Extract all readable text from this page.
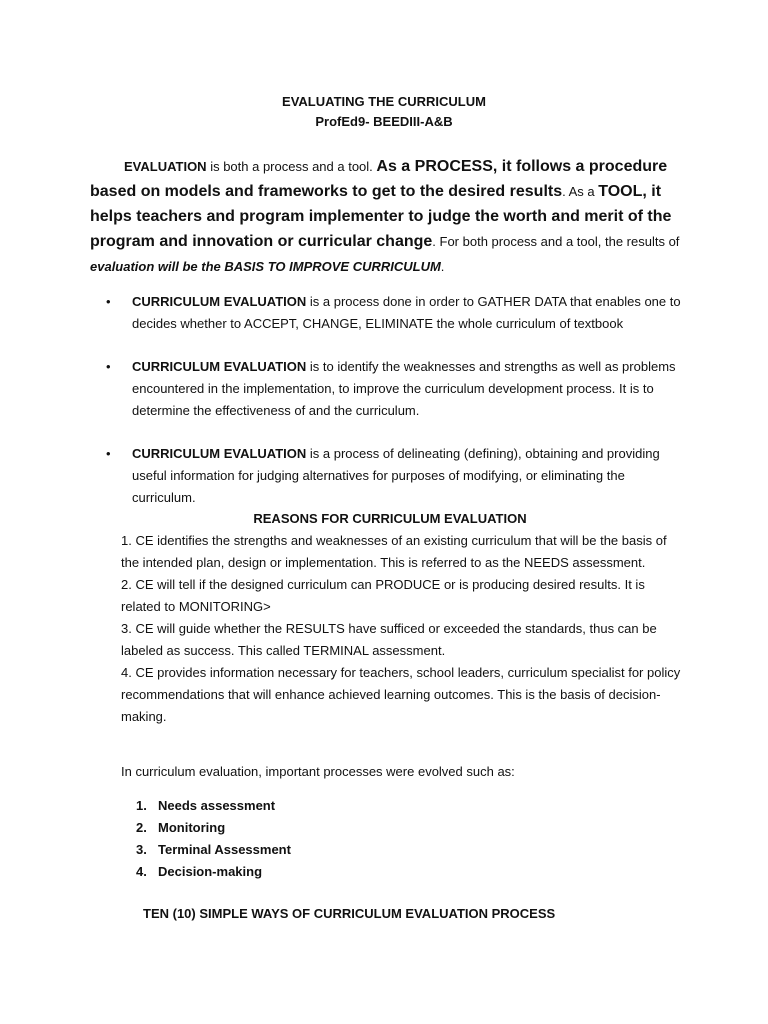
EVALUATING THE CURRICULUM
ProfEd9- BEEDIII-A&B
EVALUATION is both a process and a tool. As a PROCESS, it follows a procedure based on models and frameworks to get to the desired results. As a TOOL, it helps teachers and program implementer to judge the worth and merit of the program and innovation or curricular change. For both process and a tool, the results of evaluation will be the BASIS TO IMPROVE CURRICULUM.
• CURRICULUM EVALUATION is a process done in order to GATHER DATA that enables one to decides whether to ACCEPT, CHANGE, ELIMINATE the whole curriculum of textbook
• CURRICULUM EVALUATION is to identify the weaknesses and strengths as well as problems encountered in the implementation, to improve the curriculum development process. It is to determine the effectiveness of and the curriculum.
• CURRICULUM EVALUATION is a process of delineating (defining), obtaining and providing useful information for judging alternatives for purposes of modifying, or eliminating the curriculum.
REASONS FOR CURRICULUM EVALUATION

1. CE identifies the strengths and weaknesses of an existing curriculum that will be the basis of the intended plan, design or implementation. This is referred to as the NEEDS assessment.

2. CE will tell if the designed curriculum can PRODUCE or is producing desired results. It is related to MONITORING>

3. CE will guide whether the RESULTS have sufficed or exceeded the standards, thus can be labeled as success. This called TERMINAL assessment.

4. CE provides information necessary for teachers, school leaders, curriculum specialist for policy recommendations that will enhance achieved learning outcomes. This is the basis of decision-making.

In curriculum evaluation, important processes were evolved such as:
1. Needs assessment
2. Monitoring
3. Terminal Assessment
4. Decision-making
TEN (10) SIMPLE WAYS OF CURRICULUM EVALUATION PROCESS
